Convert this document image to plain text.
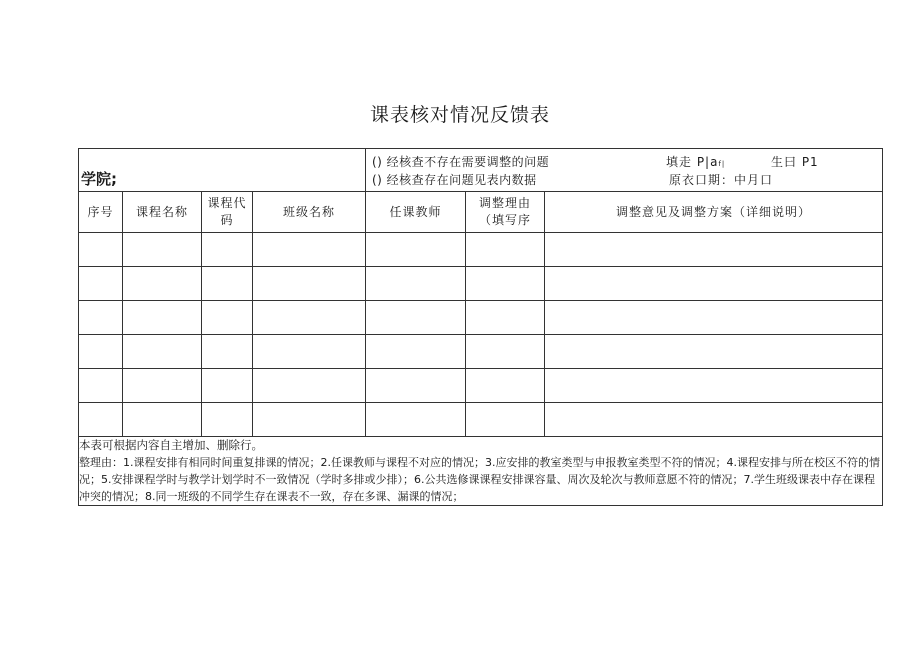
课表核对情况反馈表
学院;				() 经核查不存在需要调整的问题
() 经核查存在问题见表内数据
填走 P|af| 生曰 P1
原衣口期：中月口		

序号	课程名称	课程代码	班级名称	任课教师	调整理由（填写序	调整意见及调整方案（详细说明）

本表可根据内容自主增加、删除行。
整理由：1.课程安排有相同时间重复排课的情况；2.任课教师与课程不对应的情况；3.应安排的教室类型与申报教室类型不符的情况；4.课程安排与所在校区不符的情况；5.安排课程学时与教学计划学时不一致情况（学时多排或少排）；6.公共选修课课程安排课容量、周次及轮次与教师意愿不符的情况；7.学生班级课表中存在课程冲突的情况；8.同一班级的不同学生存在课表不一致，存在多课、漏课的情况；						
